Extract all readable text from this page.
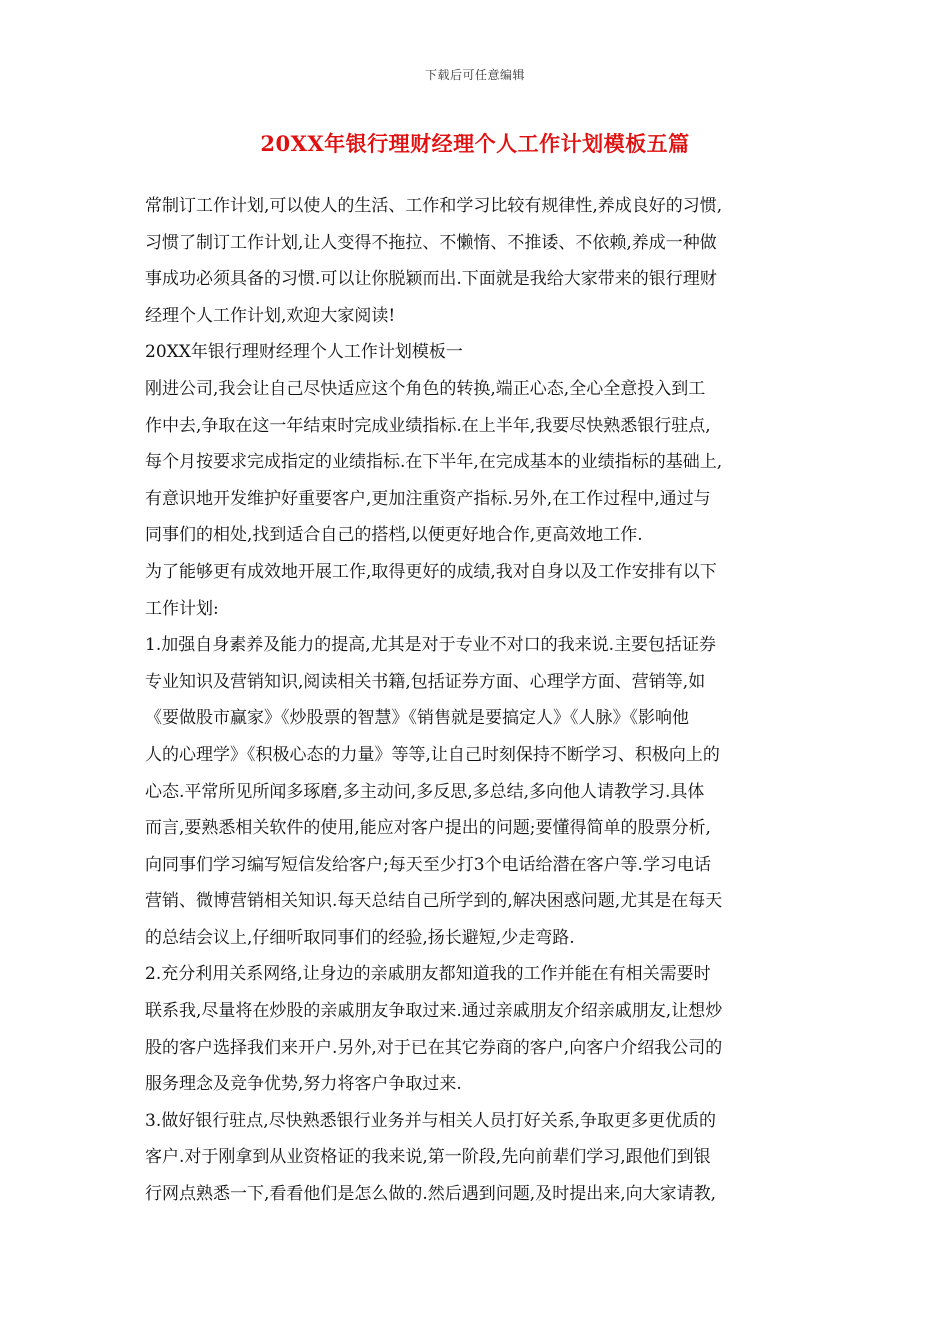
下载后可任意编辑
20XX年银行理财经理个人工作计划模板五篇
常制订工作计划,可以使人的生活、工作和学习比较有规律性,养成良好的习惯,
习惯了制订工作计划,让人变得不拖拉、不懒惰、不推诿、不依赖,养成一种做
事成功必须具备的习惯.可以让你脱颖而出.下面就是我给大家带来的银行理财
经理个人工作计划,欢迎大家阅读!
20XX年银行理财经理个人工作计划模板一
刚进公司,我会让自己尽快适应这个角色的转换,端正心态,全心全意投入到工
作中去,争取在这一年结束时完成业绩指标.在上半年,我要尽快熟悉银行驻点,
每个月按要求完成指定的业绩指标.在下半年,在完成基本的业绩指标的基础上,
有意识地开发维护好重要客户,更加注重资产指标.另外,在工作过程中,通过与
同事们的相处,找到适合自己的搭档,以便更好地合作,更高效地工作.
为了能够更有成效地开展工作,取得更好的成绩,我对自身以及工作安排有以下
工作计划:
1.加强自身素养及能力的提高,尤其是对于专业不对口的我来说.主要包括证券
专业知识及营销知识,阅读相关书籍,包括证券方面、心理学方面、营销等,如
《要做股市赢家》《炒股票的智慧》《销售就是要搞定人》《人脉》《影响他
人的心理学》《积极心态的力量》等等,让自己时刻保持不断学习、积极向上的
心态.平常所见所闻多琢磨,多主动问,多反思,多总结,多向他人请教学习.具体
而言,要熟悉相关软件的使用,能应对客户提出的问题;要懂得简单的股票分析,
向同事们学习编写短信发给客户;每天至少打3个电话给潜在客户等.学习电话
营销、微博营销相关知识.每天总结自己所学到的,解决困惑问题,尤其是在每天
的总结会议上,仔细听取同事们的经验,扬长避短,少走弯路.
2.充分利用关系网络,让身边的亲戚朋友都知道我的工作并能在有相关需要时
联系我,尽量将在炒股的亲戚朋友争取过来.通过亲戚朋友介绍亲戚朋友,让想炒
股的客户选择我们来开户.另外,对于已在其它券商的客户,向客户介绍我公司的
服务理念及竞争优势,努力将客户争取过来.
3.做好银行驻点,尽快熟悉银行业务并与相关人员打好关系,争取更多更优质的
客户.对于刚拿到从业资格证的我来说,第一阶段,先向前辈们学习,跟他们到银
行网点熟悉一下,看看他们是怎么做的.然后遇到问题,及时提出来,向大家请教,
